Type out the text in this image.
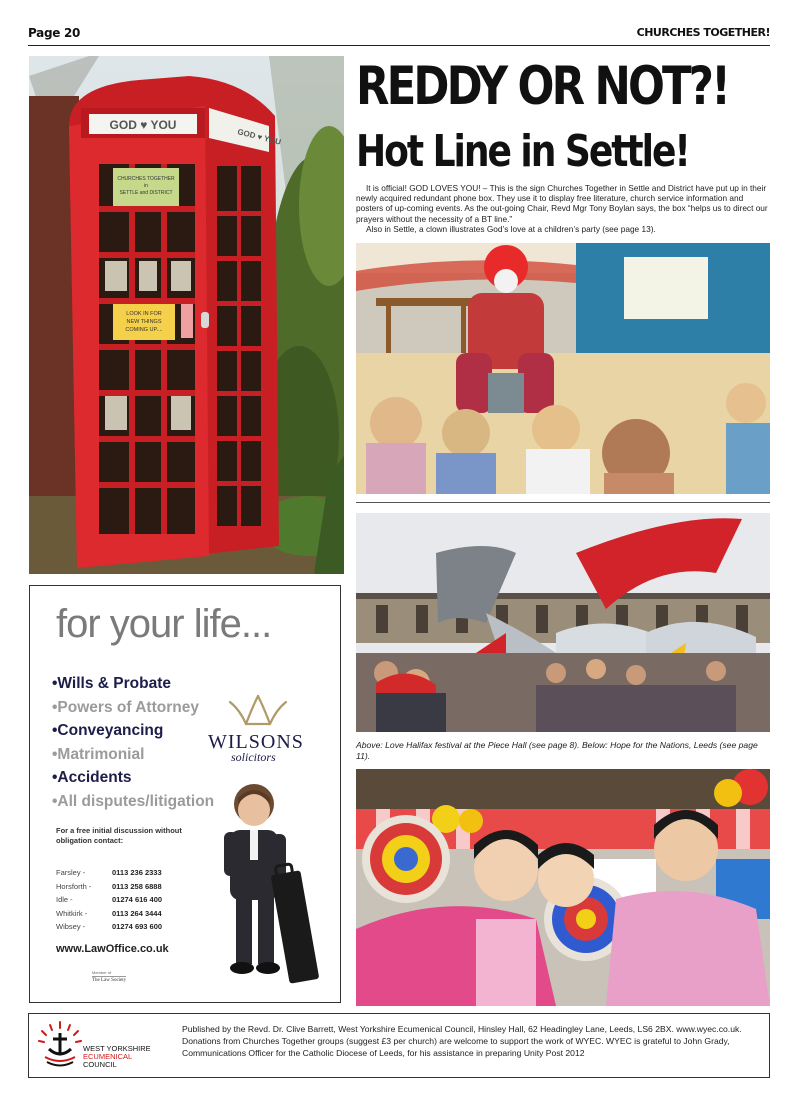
Page 20	CHURCHES TOGETHER!
GOD ♥ YOU
GOD ♥ YOU
CHURCHES TOGETHER
in
SETTLE and DISTRICT
LOOK IN FOR
NEW THINGS
COMING UP....
REDDY OR NOT?!
Hot Line in Settle!

It is official! GOD LOVES YOU! – This is the sign Churches Together in Settle and District have put up in their newly acquired redundant phone box. They use it to display free literature, church service information and posters of up-coming events. As the out-going Chair, Revd Mgr Tony Boylan says, the box “helps us to direct our prayers without the necessity of a BT line.”

Also in Settle, a clown illustrates God’s love at a children’s party (see page 13).

Above: Love Halifax festival at the Piece Hall (see page 8). Below: Hope for the Nations, Leeds (see page 11).
for your life...
•Wills & Probate
•Powers of Attorney
•Conveyancing
•Matrimonial
•Accidents
•All disputes/litigation
WILSONS
solicitors
For a free initial discussion without obligation contact:
Farsley -	0113 236 2333
Horsforth -	0113 258 6888
Idle -	01274 616 400
Whitkirk -	0113 264 3444
Wibsey -	01274 693 600
www.LawOffice.co.uk
Member of
The Law Society
WEST YORKSHIRE
ECUMENICAL
COUNCIL
Published by the Revd. Dr. Clive Barrett, West Yorkshire Ecumenical Council, Hinsley Hall, 62 Headingley Lane, Leeds, LS6 2BX. www.wyec.co.uk. Donations from Churches Together groups (suggest £3 per church) are welcome to support the work of WYEC. WYEC is grateful to John Grady, Communications Officer for the Catholic Diocese of Leeds, for his assistance in preparing Unity Post 2012
